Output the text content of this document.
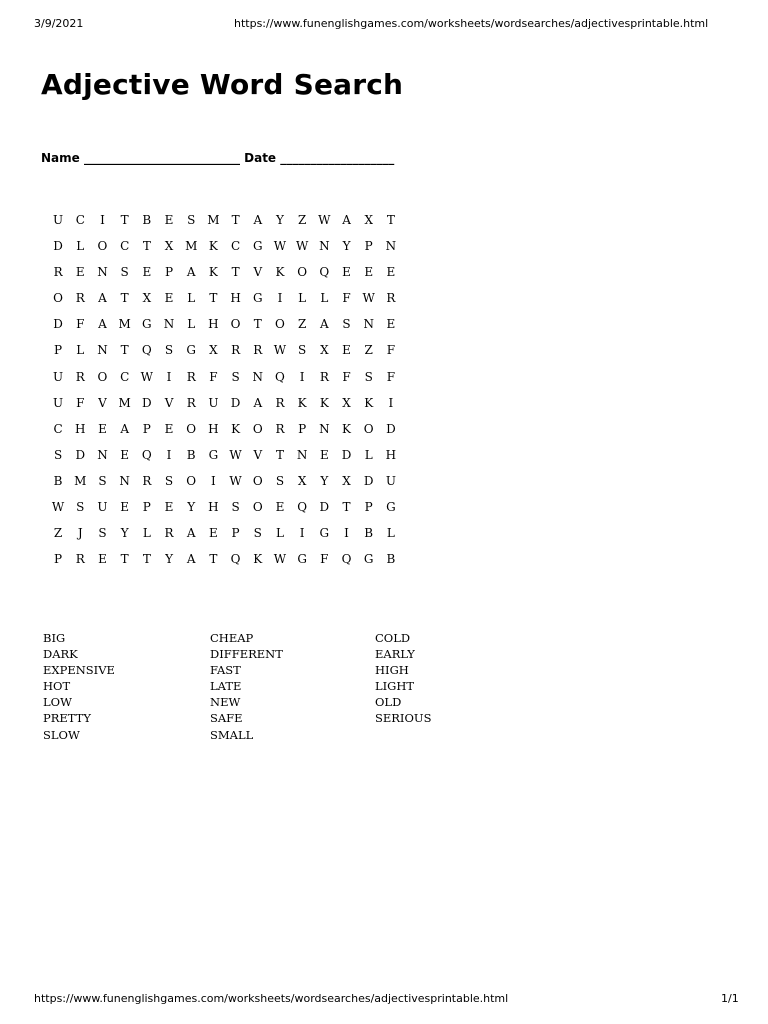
3/9/2021	https://www.funenglishgames.com/worksheets/wordsearches/adjectivesprintable.html
Adjective Word Search
Name __________________________ Date ___________________
U	C	I	T	B	E	S M	T	A	Y	Z W A	X	T
D	L	O	C	T	X M K	C	G W W N	Y	P	N
R	E	N	S	E	P	A	K	T	V	K	O	Q	E	E	E
O	R	A	T	X	E	L	T	H	G	I	L	L	F W R
D	F	A M G	N	L	H	O	T	O	Z	A	S	N	E
P	L	N	T	Q	S	G	X	R	R W S	X	E	Z	F
U	R	O	C W	I	R	F	S	N	Q	I	R	F	S	F
U	F	V M D	V	R	U	D	A	R	K	K	X	K	I
C	H	E	A	P	E	O	H	K	O	R	P	N	K	O	D
S	D	N	E	Q	I	B	G W V	T	N	E	D	L	H
B M S	N	R	S	O	I	W O	S	X	Y	X	D	U
W S	U	E	P	E	Y	H	S	O	E	Q	D	T	P	G
Z	J	S	Y	L	R	A	E	P	S	L	I	G	I	B	L
P	R	E	T	T	Y	A	T	Q	K W G	F	Q	G	B
BIG	CHEAP	COLD
DARK	DIFFERENT	EARLY
EXPENSIVE	FAST	HIGH
HOT	LATE	LIGHT
LOW	NEW	OLD
PRETTY	SAFE	SERIOUS
SLOW	SMALL
https://www.funenglishgames.com/worksheets/wordsearches/adjectivesprintable.html	1/1
